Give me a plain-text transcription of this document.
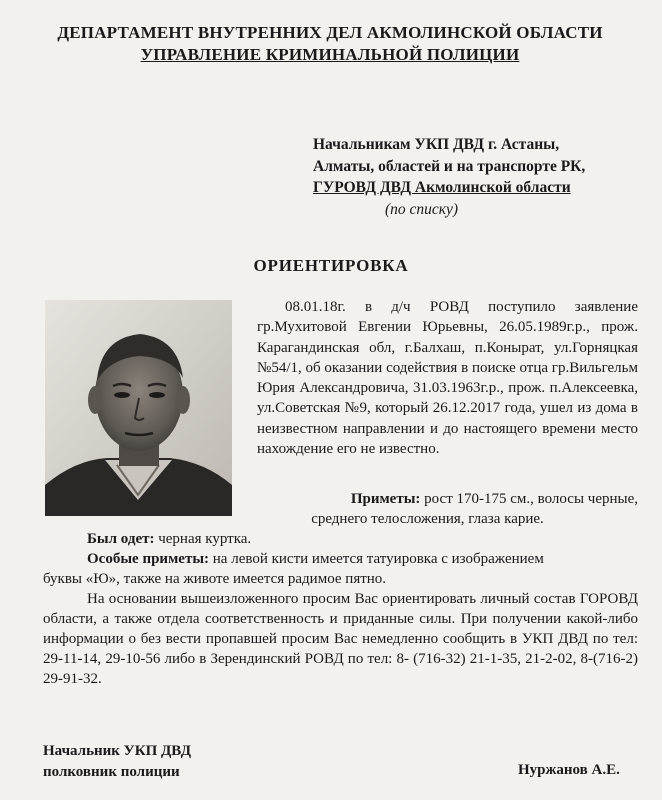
ДЕПАРТАМЕНТ ВНУТРЕННИХ ДЕЛ АКМОЛИНСКОЙ ОБЛАСТИ
УПРАВЛЕНИЕ КРИМИНАЛЬНОЙ ПОЛИЦИИ
Начальникам УКП ДВД г. Астаны,
Алматы, областей и на транспорте РК,
ГУРОВД ДВД Акмолинской области
(по списку)
ОРИЕНТИРОВКА
08.01.18г. в д/ч РОВД поступило заявление гр.Мухитовой Евгении Юрьевны, 26.05.1989г.р., прож. Карагандинская обл, г.Балхаш, п.Конырат, ул.Горняцкая №54/1, об оказании содействия в поиске отца гр.Вильгельм Юрия Александровича, 31.03.1963г.р., прож. п.Алексеевка, ул.Советская №9, который 26.12.2017 года, ушел из дома в неизвестном направлении и до настоящего времени место нахождение его не известно.
Приметы: рост 170-175 см., волосы черные,
среднего телосложения, глаза карие.

Был одет: черная куртка.

Особые приметы: на левой кисти имеется татуировка с изображением

буквы «Ю», также на животе имеется радимое пятно.

На основании вышеизложенного просим Вас ориентировать личный состав ГОРОВД области, а также отдела соответственность и приданные силы. При получении какой-либо информации о без вести пропавшей просим Вас немедленно сообщить в УКП ДВД по тел: 29-11-14, 29-10-56 либо в Зерендинский РОВД по тел: 8- (716-32) 21-1-35, 21-2-02, 8-(716-2) 29-91-32.

Начальник УКП ДВД
полковник полиции	Нуржанов А.Е.
